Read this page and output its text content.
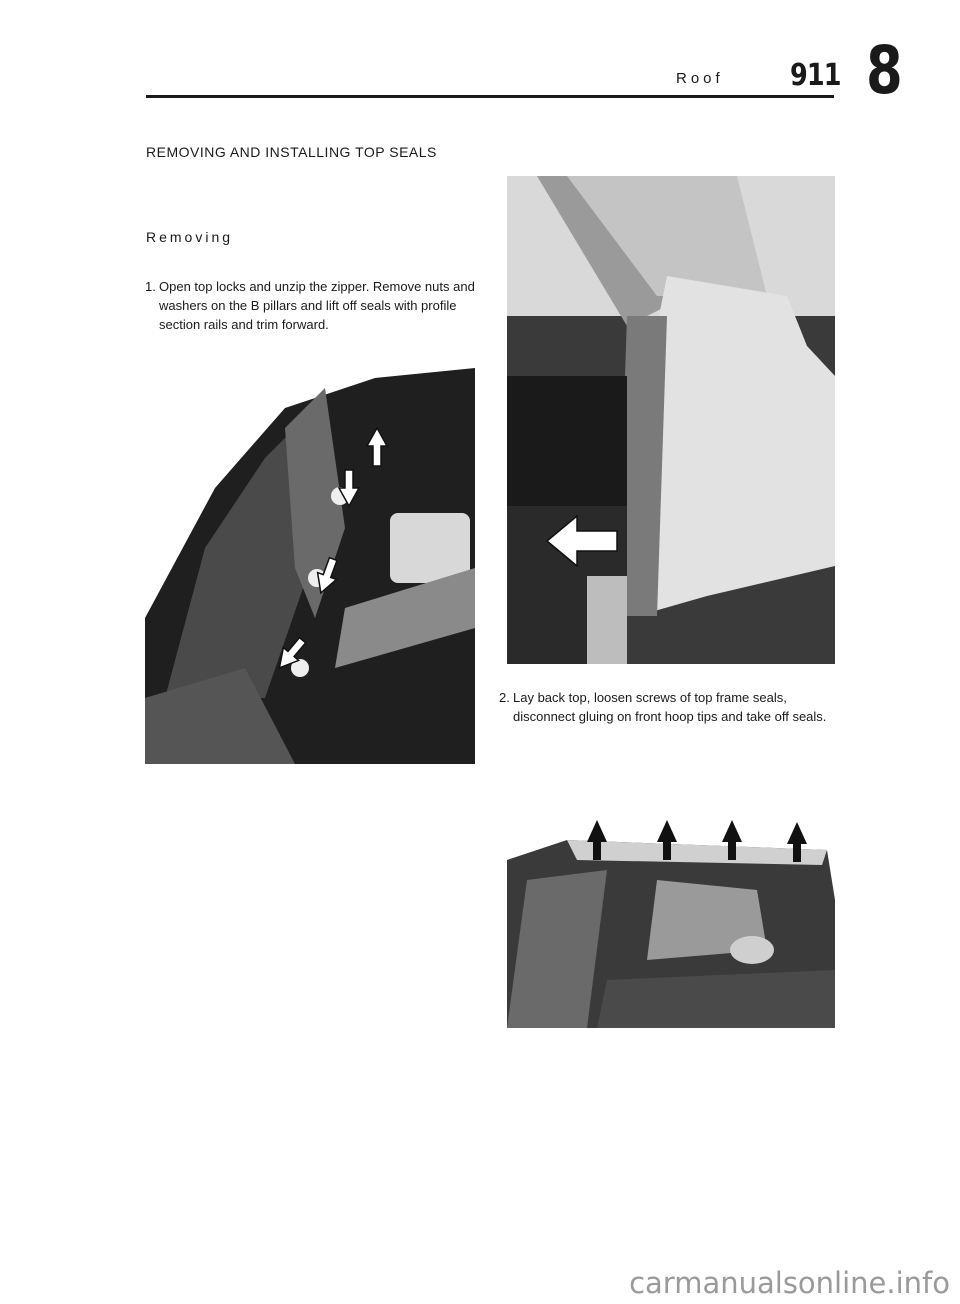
Roof 911 8
REMOVING AND INSTALLING TOP SEALS
Removing
1. Open top locks and unzip the zipper. Remove nuts and washers on the B pillars and lift off seals with profile section rails and trim forward.
2. Lay back top, loosen screws of top frame seals, disconnect gluing on front hoop tips and take off seals.
carmanualsonline.info
